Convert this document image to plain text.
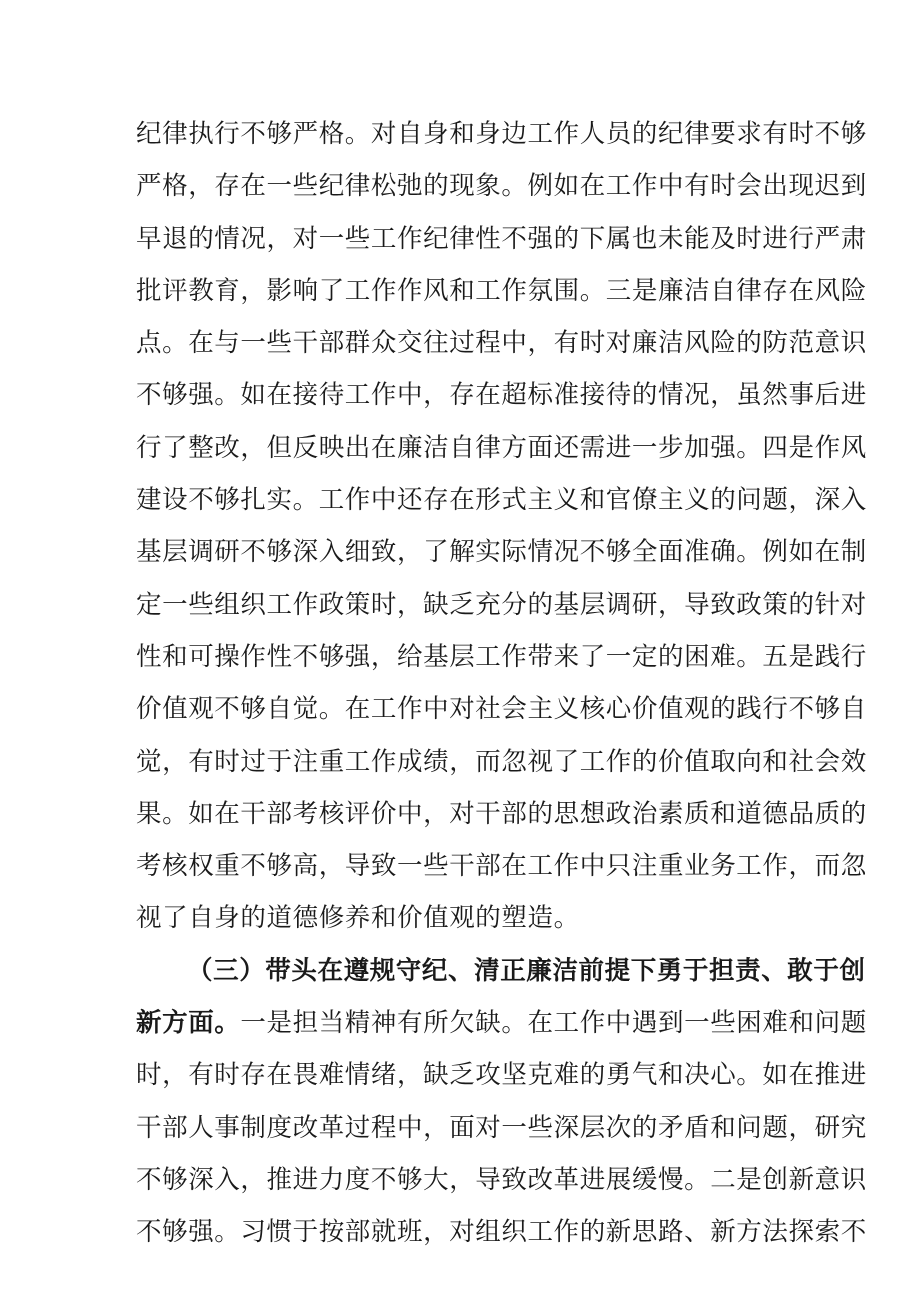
纪律执行不够严格。对自身和身边工作人员的纪律要求有时不够
严格，存在一些纪律松弛的现象。例如在工作中有时会出现迟到
早退的情况，对一些工作纪律性不强的下属也未能及时进行严肃
批评教育，影响了工作作风和工作氛围。三是廉洁自律存在风险
点。在与一些干部群众交往过程中，有时对廉洁风险的防范意识
不够强。如在接待工作中，存在超标准接待的情况，虽然事后进
行了整改，但反映出在廉洁自律方面还需进一步加强。四是作风
建设不够扎实。工作中还存在形式主义和官僚主义的问题，深入
基层调研不够深入细致，了解实际情况不够全面准确。例如在制
定一些组织工作政策时，缺乏充分的基层调研，导致政策的针对
性和可操作性不够强，给基层工作带来了一定的困难。五是践行
价值观不够自觉。在工作中对社会主义核心价值观的践行不够自
觉，有时过于注重工作成绩，而忽视了工作的价值取向和社会效
果。如在干部考核评价中，对干部的思想政治素质和道德品质的
考核权重不够高，导致一些干部在工作中只注重业务工作，而忽
视了自身的道德修养和价值观的塑造。
（三）带头在遵规守纪、清正廉洁前提下勇于担责、敢于创
新方面。一是担当精神有所欠缺。在工作中遇到一些困难和问题
时，有时存在畏难情绪，缺乏攻坚克难的勇气和决心。如在推进
干部人事制度改革过程中，面对一些深层次的矛盾和问题，研究
不够深入，推进力度不够大，导致改革进展缓慢。二是创新意识
不够强。习惯于按部就班，对组织工作的新思路、新方法探索不
